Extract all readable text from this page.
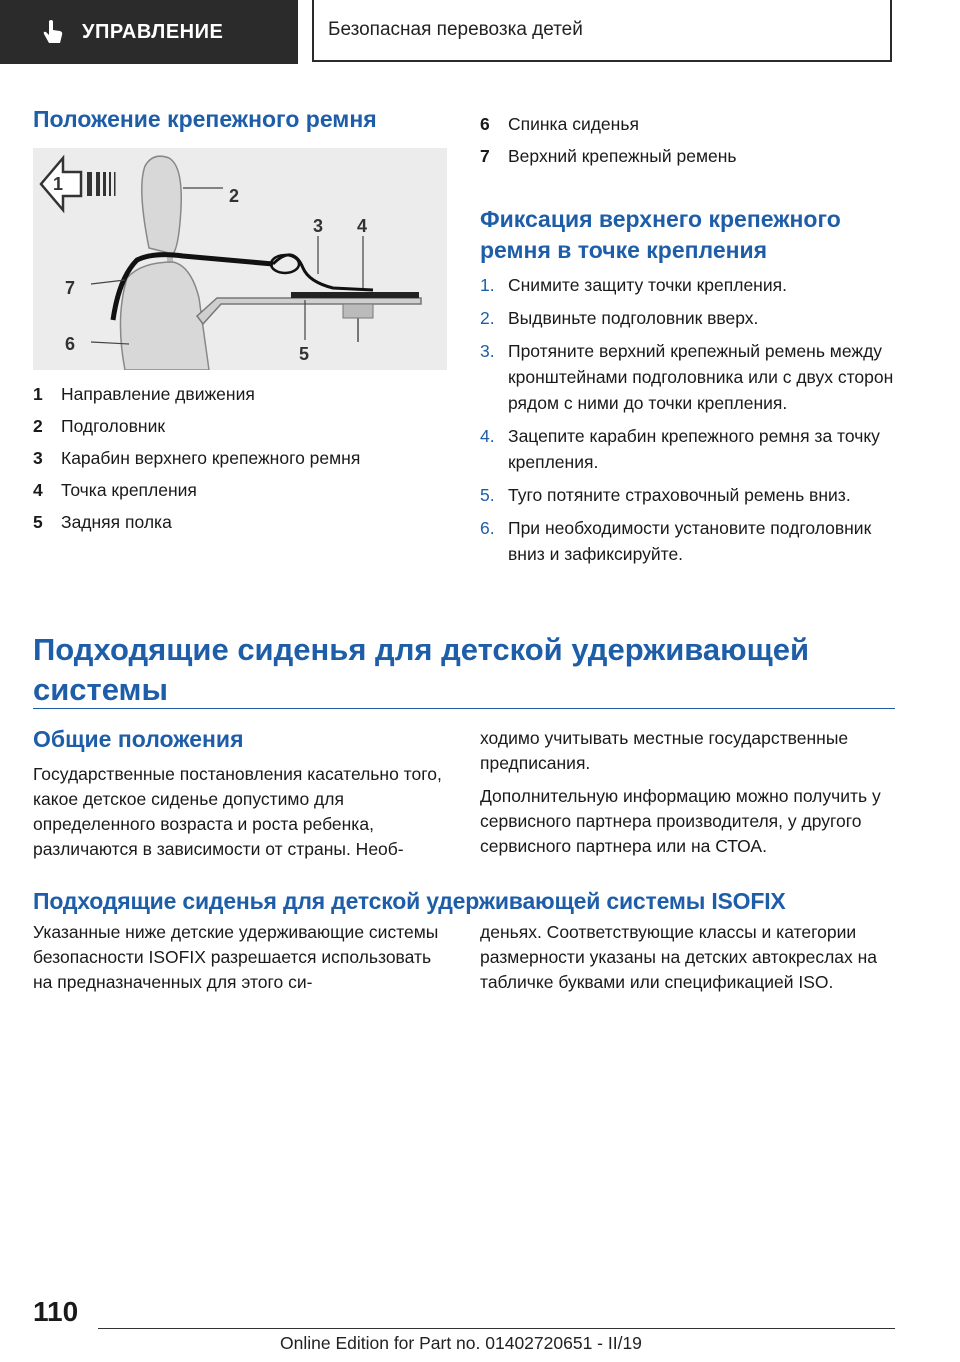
УПРАВЛЕНИЕ	Безопасная перевозка детей
Положение крепежного ремня
1
2
3 4
5
6
7
1	Направление движения
2	Подголовник
3	Карабин верхнего крепежного ремня
4	Точка крепления
5	Задняя полка
6	Спинка сиденья
7	Верхний крепежный ремень
Фиксация верхнего крепежного
ремня в точке крепления
1. Снимите защиту точки крепления.
2. Выдвиньте подголовник вверх.
3. Протяните верхний крепежный ремень между кронштейнами подголовника или с двух сторон рядом с ними до точки крепления.
4. Зацепите карабин крепежного ремня за точку крепления.
5. Туго потяните страховочный ремень вниз.
6. При необходимости установите подголовник вниз и зафиксируйте.
Подходящие сиденья для детской удерживающей
системы
Общие положения

Государственные постановления касательно того, какое детское сиденье допустимо для определенного возраста и роста ребенка, различаются в зависимости от страны. Необ-

ходимо учитывать местные государственные предписания.

Дополнительную информацию можно получить у сервисного партнера производителя, у другого сервисного партнера или на СТОА.

Подходящие сиденья для детской удерживающей системы ISOFIX

Указанные ниже детские удерживающие системы безопасности ISOFIX разрешается использовать на предназначенных для этого си-

деньях. Соответствующие классы и категории размерности указаны на детских автокреслах на табличке буквами или спецификацией ISO.

110
Online Edition for Part no. 01402720651 - II/19
